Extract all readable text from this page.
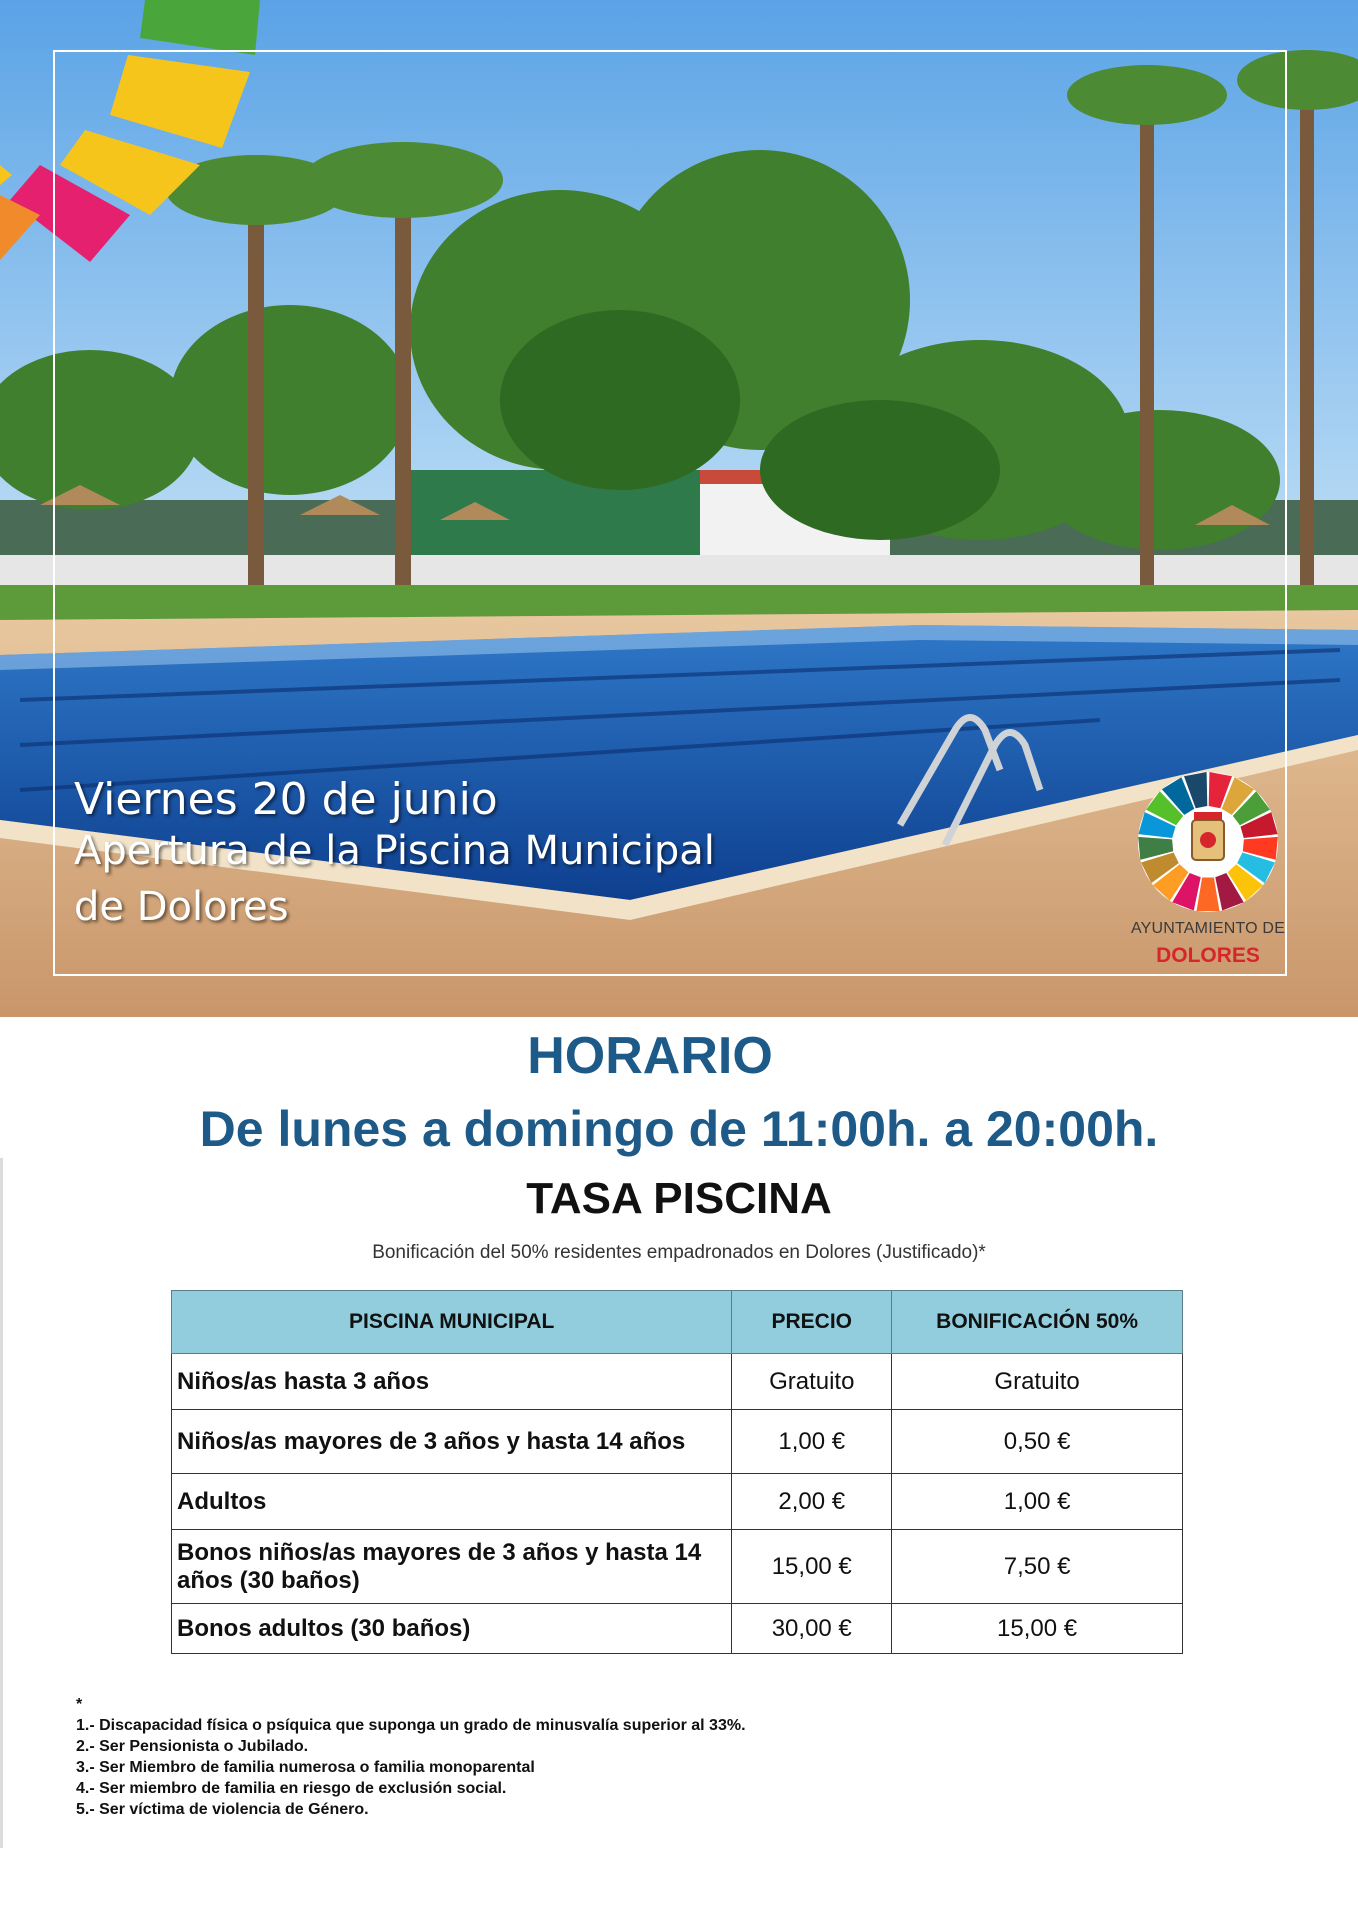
Viernes 20 de junio
Apertura de la Piscina Municipal
de Dolores	AYUNTAMIENTO DE
DOLORES
HORARIO
De lunes a domingo de 11:00h. a 20:00h.
TASA PISCINA
Bonificación del 50% residentes empadronados en Dolores (Justificado)*
PISCINA MUNICIPAL	PRECIO	BONIFICACIÓN 50%
Niños/as hasta 3 años	Gratuito	Gratuito
Niños/as mayores de 3 años y hasta 14 años	1,00 €	0,50 €
Adultos	2,00 €	1,00 €
Bonos niños/as mayores de 3 años y hasta 14 años (30 baños)	15,00 €	7,50 €
Bonos adultos (30 baños)	30,00 €	15,00 €
*
1.- Discapacidad física o psíquica que suponga un grado de minusvalía superior al 33%.
2.- Ser Pensionista o Jubilado.
3.- Ser Miembro de familia numerosa o familia monoparental
4.- Ser miembro de familia en riesgo de exclusión social.
5.- Ser víctima de violencia de Género.
